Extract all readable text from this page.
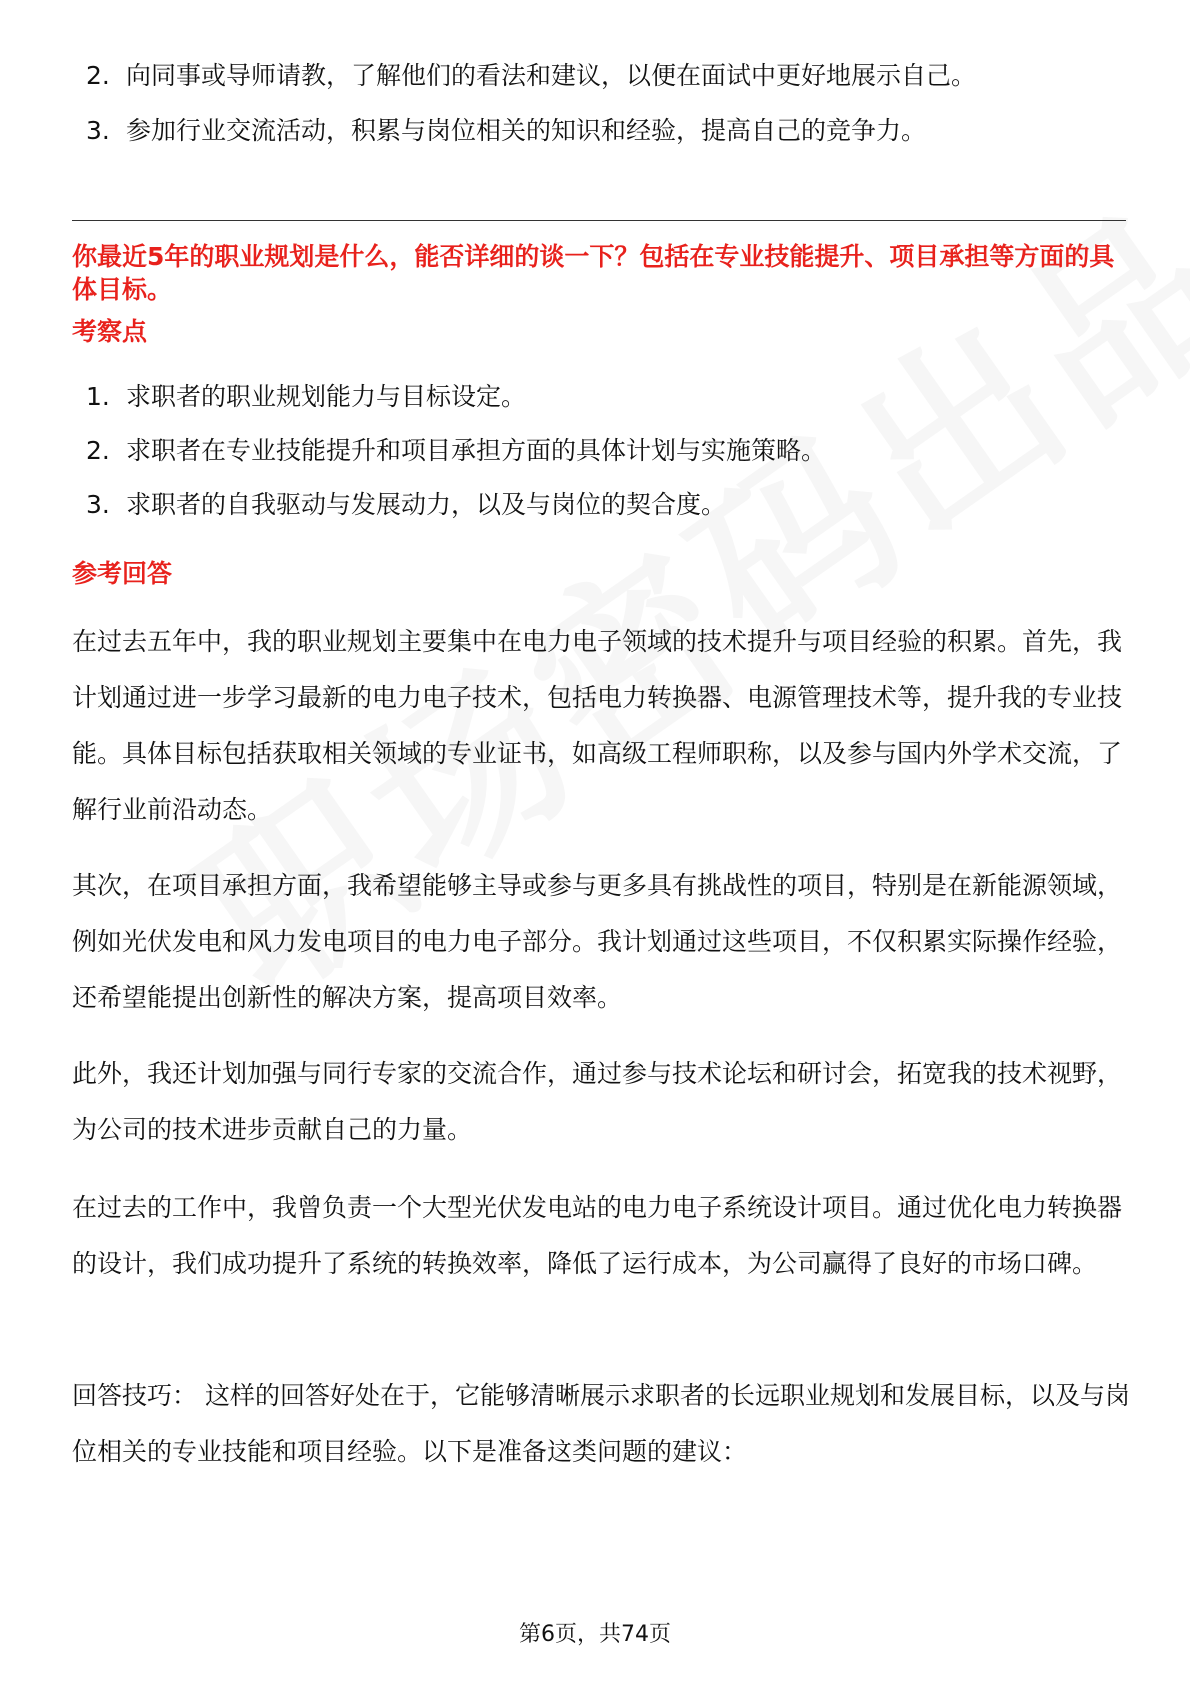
2. 向同事或导师请教，了解他们的看法和建议，以便在面试中更好地展示自己。
3. 参加行业交流活动，积累与岗位相关的知识和经验，提高自己的竞争力。

你最近5年的职业规划是什么，能否详细的谈一下？包括在专业技能提升、项目承担等方面的具体目标。

考察点

1. 求职者的职业规划能力与目标设定。
2. 求职者在专业技能提升和项目承担方面的具体计划与实施策略。
3. 求职者的自我驱动与发展动力，以及与岗位的契合度。

参考回答

在过去五年中，我的职业规划主要集中在电力电子领域的技术提升与项目经验的积累。首先，我计划通过进一步学习最新的电力电子技术，包括电力转换器、电源管理技术等，提升我的专业技能。具体目标包括获取相关领域的专业证书，如高级工程师职称，以及参与国内外学术交流，了解行业前沿动态。

其次，在项目承担方面，我希望能够主导或参与更多具有挑战性的项目，特别是在新能源领域，例如光伏发电和风力发电项目的电力电子部分。我计划通过这些项目，不仅积累实际操作经验，还希望能提出创新性的解决方案，提高项目效率。

此外，我还计划加强与同行专家的交流合作，通过参与技术论坛和研讨会，拓宽我的技术视野，为公司的技术进步贡献自己的力量。

在过去的工作中，我曾负责一个大型光伏发电站的电力电子系统设计项目。通过优化电力转换器的设计，我们成功提升了系统的转换效率，降低了运行成本，为公司赢得了良好的市场口碑。

回答技巧： 这样的回答好处在于，它能够清晰展示求职者的长远职业规划和发展目标，以及与岗位相关的专业技能和项目经验。以下是准备这类问题的建议：

第6页，共74页
